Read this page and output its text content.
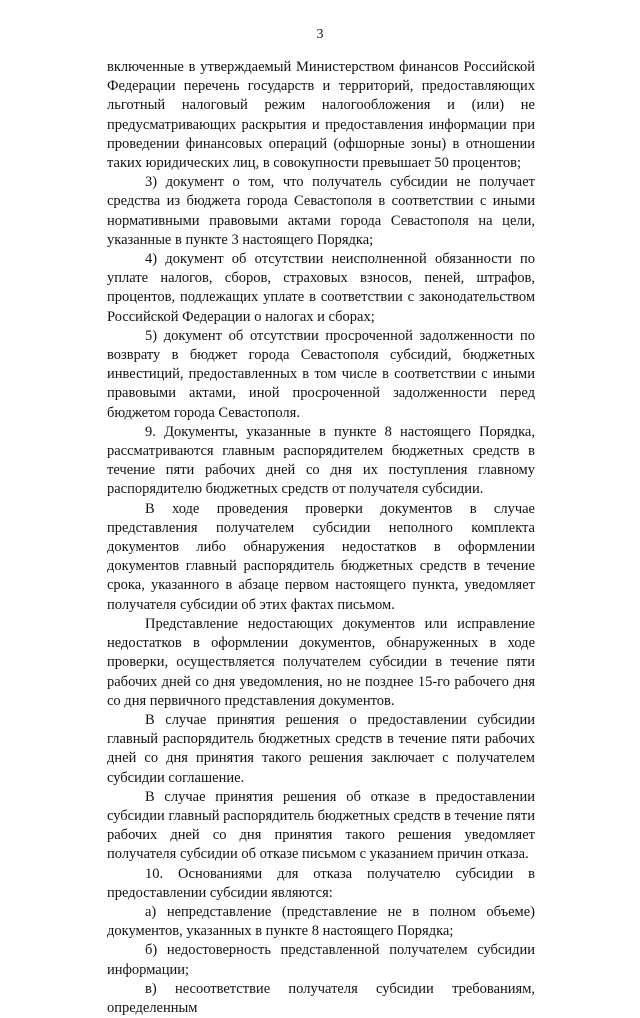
3

включенные в утверждаемый Министерством финансов Российской Федерации перечень государств и территорий, предоставляющих льготный налоговый режим налогообложения и (или) не предусматривающих раскрытия и предоставления информации при проведении финансовых операций (офшорные зоны) в отношении таких юридических лиц, в совокупности превышает 50 процентов;

3) документ о том, что получатель субсидии не получает средства из бюджета города Севастополя в соответствии с иными нормативными правовыми актами города Севастополя на цели, указанные в пункте 3 настоящего Порядка;

4) документ об отсутствии неисполненной обязанности по уплате налогов, сборов, страховых взносов, пеней, штрафов, процентов, подлежащих уплате в соответствии с законодательством Российской Федерации о налогах и сборах;

5) документ об отсутствии просроченной задолженности по возврату в бюджет города Севастополя субсидий, бюджетных инвестиций, предоставленных в том числе в соответствии с иными правовыми актами, иной просроченной задолженности перед бюджетом города Севастополя.

9. Документы, указанные в пункте 8 настоящего Порядка, рассматриваются главным распорядителем бюджетных средств в течение пяти рабочих дней со дня их поступления главному распорядителю бюджетных средств от получателя субсидии.

В ходе проведения проверки документов в случае представления получателем субсидии неполного комплекта документов либо обнаружения недостатков в оформлении документов главный распорядитель бюджетных средств в течение срока, указанного в абзаце первом настоящего пункта, уведомляет получателя субсидии об этих фактах письмом.

Представление недостающих документов или исправление недостатков в оформлении документов, обнаруженных в ходе проверки, осуществляется получателем субсидии в течение пяти рабочих дней со дня уведомления, но не позднее 15-го рабочего дня со дня первичного представления документов.

В случае принятия решения о предоставлении субсидии главный распорядитель бюджетных средств в течение пяти рабочих дней со дня принятия такого решения заключает с получателем субсидии соглашение.

В случае принятия решения об отказе в предоставлении субсидии главный распорядитель бюджетных средств в течение пяти рабочих дней со дня принятия такого решения уведомляет получателя субсидии об отказе письмом с указанием причин отказа.

10. Основаниями для отказа получателю субсидии в предоставлении субсидии являются:

а) непредставление (представление не в полном объеме) документов, указанных в пункте 8 настоящего Порядка;

б) недостоверность представленной получателем субсидии информации;

в) несоответствие получателя субсидии требованиям, определенным
